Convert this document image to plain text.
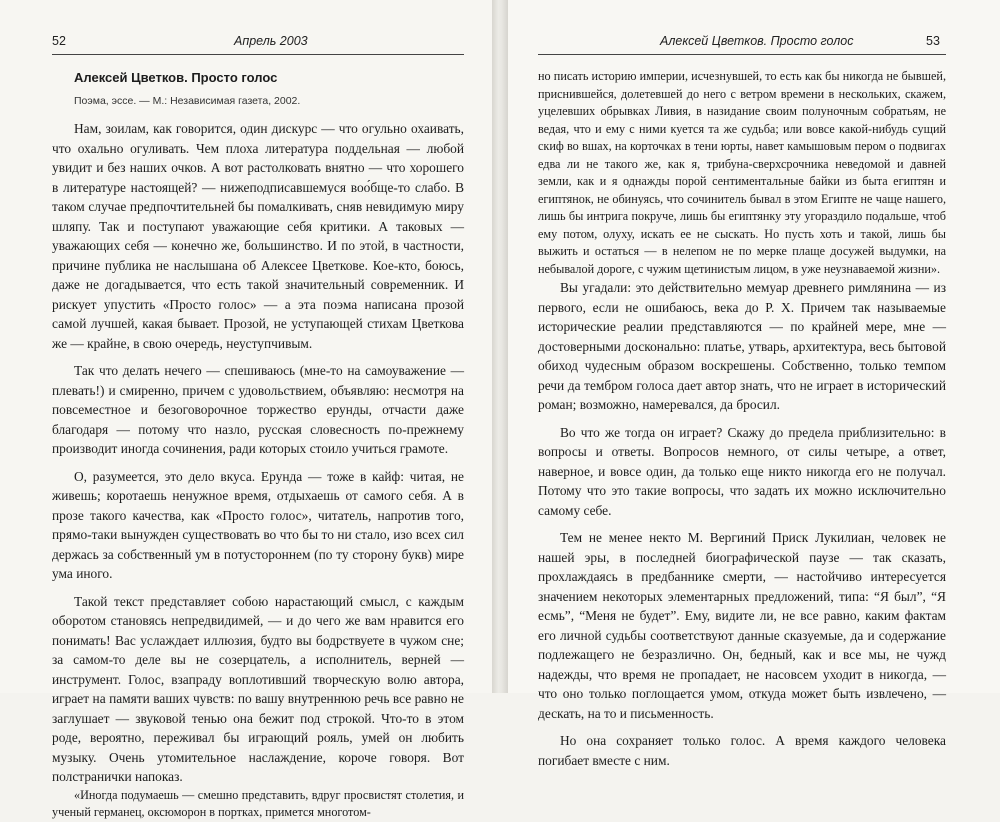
52	Апрель 2003
Алексей Цветков. Просто голос
Поэма, эссе. — М.: Независимая газета, 2002.

Нам, зоилам, как говорится, один дискурс — что огульно охаивать, что охально огуливать. Чем плоха литература поддельная — любой увидит и без наших очков. А вот растолковать внятно — что хорошего в литературе настоящей? — нижеподписавшемуся воо́бще-то слабо. В таком случае предпочтительней бы помалкивать, сняв невидимую миру шляпу. Так и поступают уважающие себя критики. А таковых — уважающих себя — конечно же, большинство. И по этой, в частности, причине публика не наслышана об Алексее Цветкове. Кое-кто, боюсь, даже не догадывается, что есть такой значительный современник. И рискует упустить «Просто голос» — а эта поэма написана прозой самой лучшей, какая бывает. Прозой, не уступающей стихам Цветкова же — крайне, в свою очередь, неуступчивым.

Так что делать нечего — спешиваюсь (мне-то на самоуважение — плевать!) и смиренно, причем с удовольствием, объявляю: несмотря на повсеместное и безоговорочное торжество ерунды, отчасти даже благодаря — потому что назло, русская словесность по-прежнему производит иногда сочинения, ради которых стоило учиться грамоте.

О, разумеется, это дело вкуса. Ерунда — тоже в кайф: читая, не живешь; коротаешь ненужное время, отдыхаешь от самого себя. А в прозе такого качества, как «Просто голос», читатель, напротив того, прямо-таки вынужден существовать во что бы то ни стало, изо всех сил держась за собственный ум в потустороннем (по ту сторону букв) мире ума иного.

Такой текст представляет собою нарастающий смысл, с каждым оборотом становясь непредвидимей, — и до чего же вам нравится его понимать! Вас услаждает иллюзия, будто вы бодрствуете в чужом сне; за самом-то деле вы не созерцатель, а исполнитель, верней — инструмент. Голос, взапраду воплотивший творческую волю автора, играет на памяти ваших чувств: по вашу внутреннюю речь все равно не заглушает — звуковой тенью она бежит под строкой. Что-то в этом роде, вероятно, переживал бы играющий рояль, умей он любить музыку. Очень утомительное наслаждение, короче говоря. Вот полстранички напоказ.

«Иногда подумаешь — смешно представить, вдруг просвистят столетия, и ученый германец, оксюморон в портках, примется многотом-

Алексей Цветков. Просто голос	53

но писать историю империи, исчезнувшей, то есть как бы никогда не бывшей, приснившейся, долетевшей до него с ветром времени в нескольких, скажем, уцелевших обрывках Ливия, в назидание своим полуночным собратьям, не ведая, что и ему с ними куется та же судьба; или вовсе какой-нибудь сущий скиф во вшах, на корточках в тени юрты, навет камышовым пером о подвигах едва ли не такого же, как я, трибуна-сверхсрочника неведомой и давней земли, как и я однажды порой сентиментальные байки из быта египтян и египтянок, не обинуясь, что сочинитель бывал в этом Египте не чаще нашего, лишь бы интрига покруче, лишь бы египтянку эту угораздило подальше, чтоб ему потом, олуху, искать ее не сыскать. Но пусть хоть и такой, лишь бы выжить и остаться — в нелепом не по мерке плаще досужей выдумки, на небывалой дороге, с чужим щетинистым лицом, в уже неузнаваемой жизни».

Вы угадали: это действительно мемуар древнего римлянина — из первого, если не ошибаюсь, века до Р. Х. Причем так называемые исторические реалии представляются — по крайней мере, мне — достоверными досконально: платье, утварь, архитектура, весь бытовой обиход чудесным образом воскрешены. Собственно, только темпом речи да тембром голоса дает автор знать, что не играет в исторический роман; возможно, намеревался, да бросил.

Во что же тогда он играет? Скажу до предела приблизительно: в вопросы и ответы. Вопросов немного, от силы четыре, а ответ, наверное, и вовсе один, да только еще никто никогда его не получал. Потому что это такие вопросы, что задать их можно исключительно самому себе.

Тем не менее некто М. Вергиний Приск Лукилиан, человек не нашей эры, в последней биографической паузе — так сказать, прохлаждаясь в предбаннике смерти, — настойчиво интересуется значением некоторых элементарных предложений, типа: “Я был”, “Я есмь”, “Меня не будет”. Ему, видите ли, не все равно, каким фактам его личной судьбы соответствуют данные сказуемые, да и содержание подлежащего не безразлично. Он, бедный, как и все мы, не чужд надежды, что время не пропадает, не насовсем уходит в никогда, — что оно только поглощается умом, откуда может быть извлечено, — дескать, на то и письменность.

Но она сохраняет только голос. А время каждого человека погибает вместе с ним.
